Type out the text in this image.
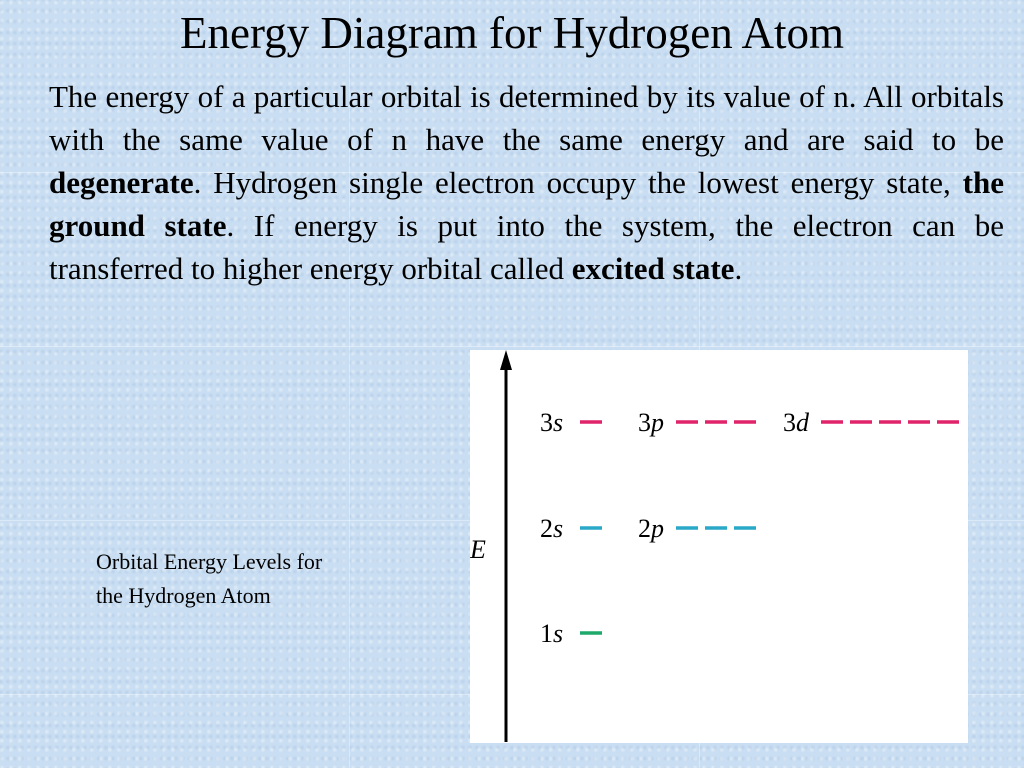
Energy Diagram for Hydrogen Atom

The energy of a particular orbital is determined by its value of n. All orbitals with the same value of n have the same energy and are said to be degenerate. Hydrogen single electron occupy the lowest energy state, the ground state. If energy is put into the system, the electron can be transferred to higher energy orbital called excited state.

Orbital Energy Levels for the Hydrogen Atom

E
3s	3p	3d
2s	2p
1s
